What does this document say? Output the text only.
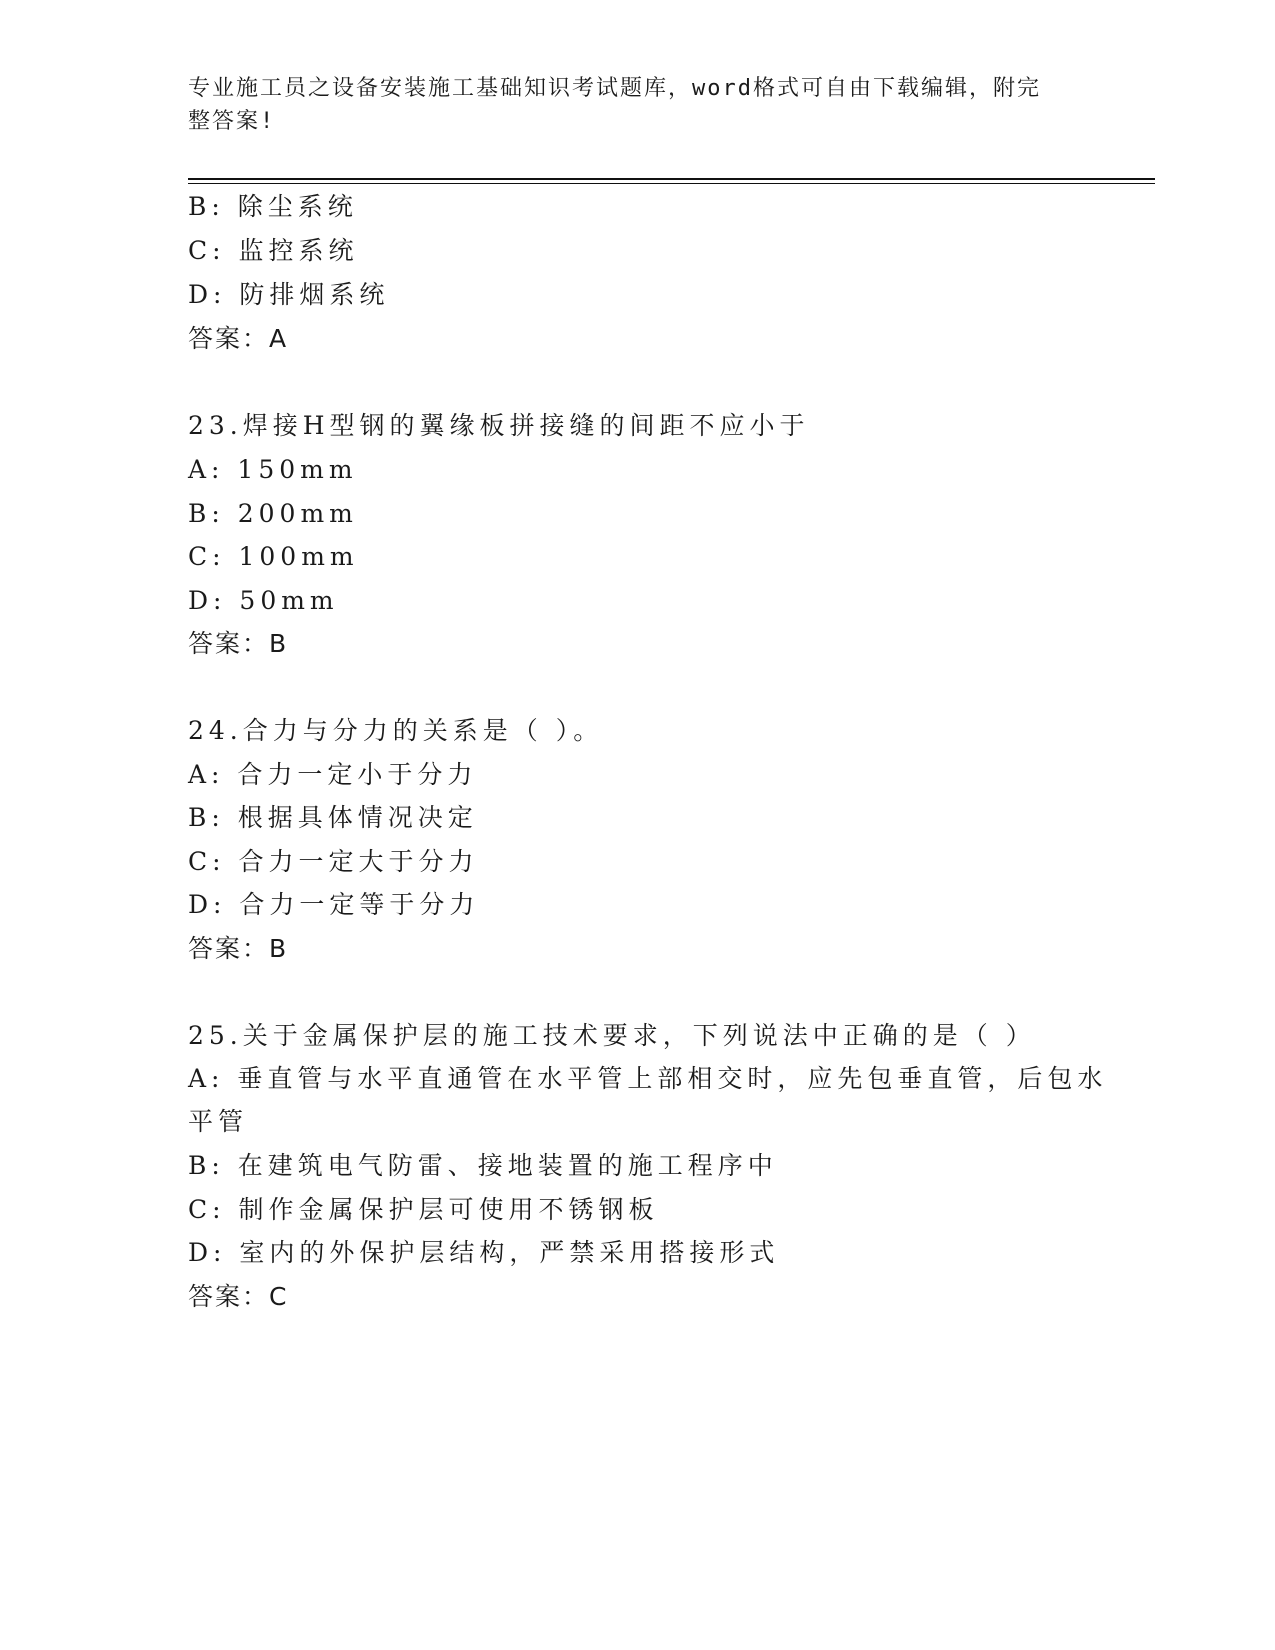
专业施工员之设备安装施工基础知识考试题库，word格式可自由下载编辑，附完
整答案!
B: 除尘系统
C: 监控系统
D: 防排烟系统
答案：A
23.焊接H型钢的翼缘板拼接缝的间距不应小于
A: 150mm
B: 200mm
C: 100mm
D: 50mm
答案：B
24.合力与分力的关系是（ ）。
A: 合力一定小于分力
B: 根据具体情况决定
C: 合力一定大于分力
D: 合力一定等于分力
答案：B
25.关于金属保护层的施工技术要求，下列说法中正确的是（ ）
A: 垂直管与水平直通管在水平管上部相交时，应先包垂直管，后包水
平管
B: 在建筑电气防雷、接地装置的施工程序中
C: 制作金属保护层可使用不锈钢板
D: 室内的外保护层结构，严禁采用搭接形式
答案：C
